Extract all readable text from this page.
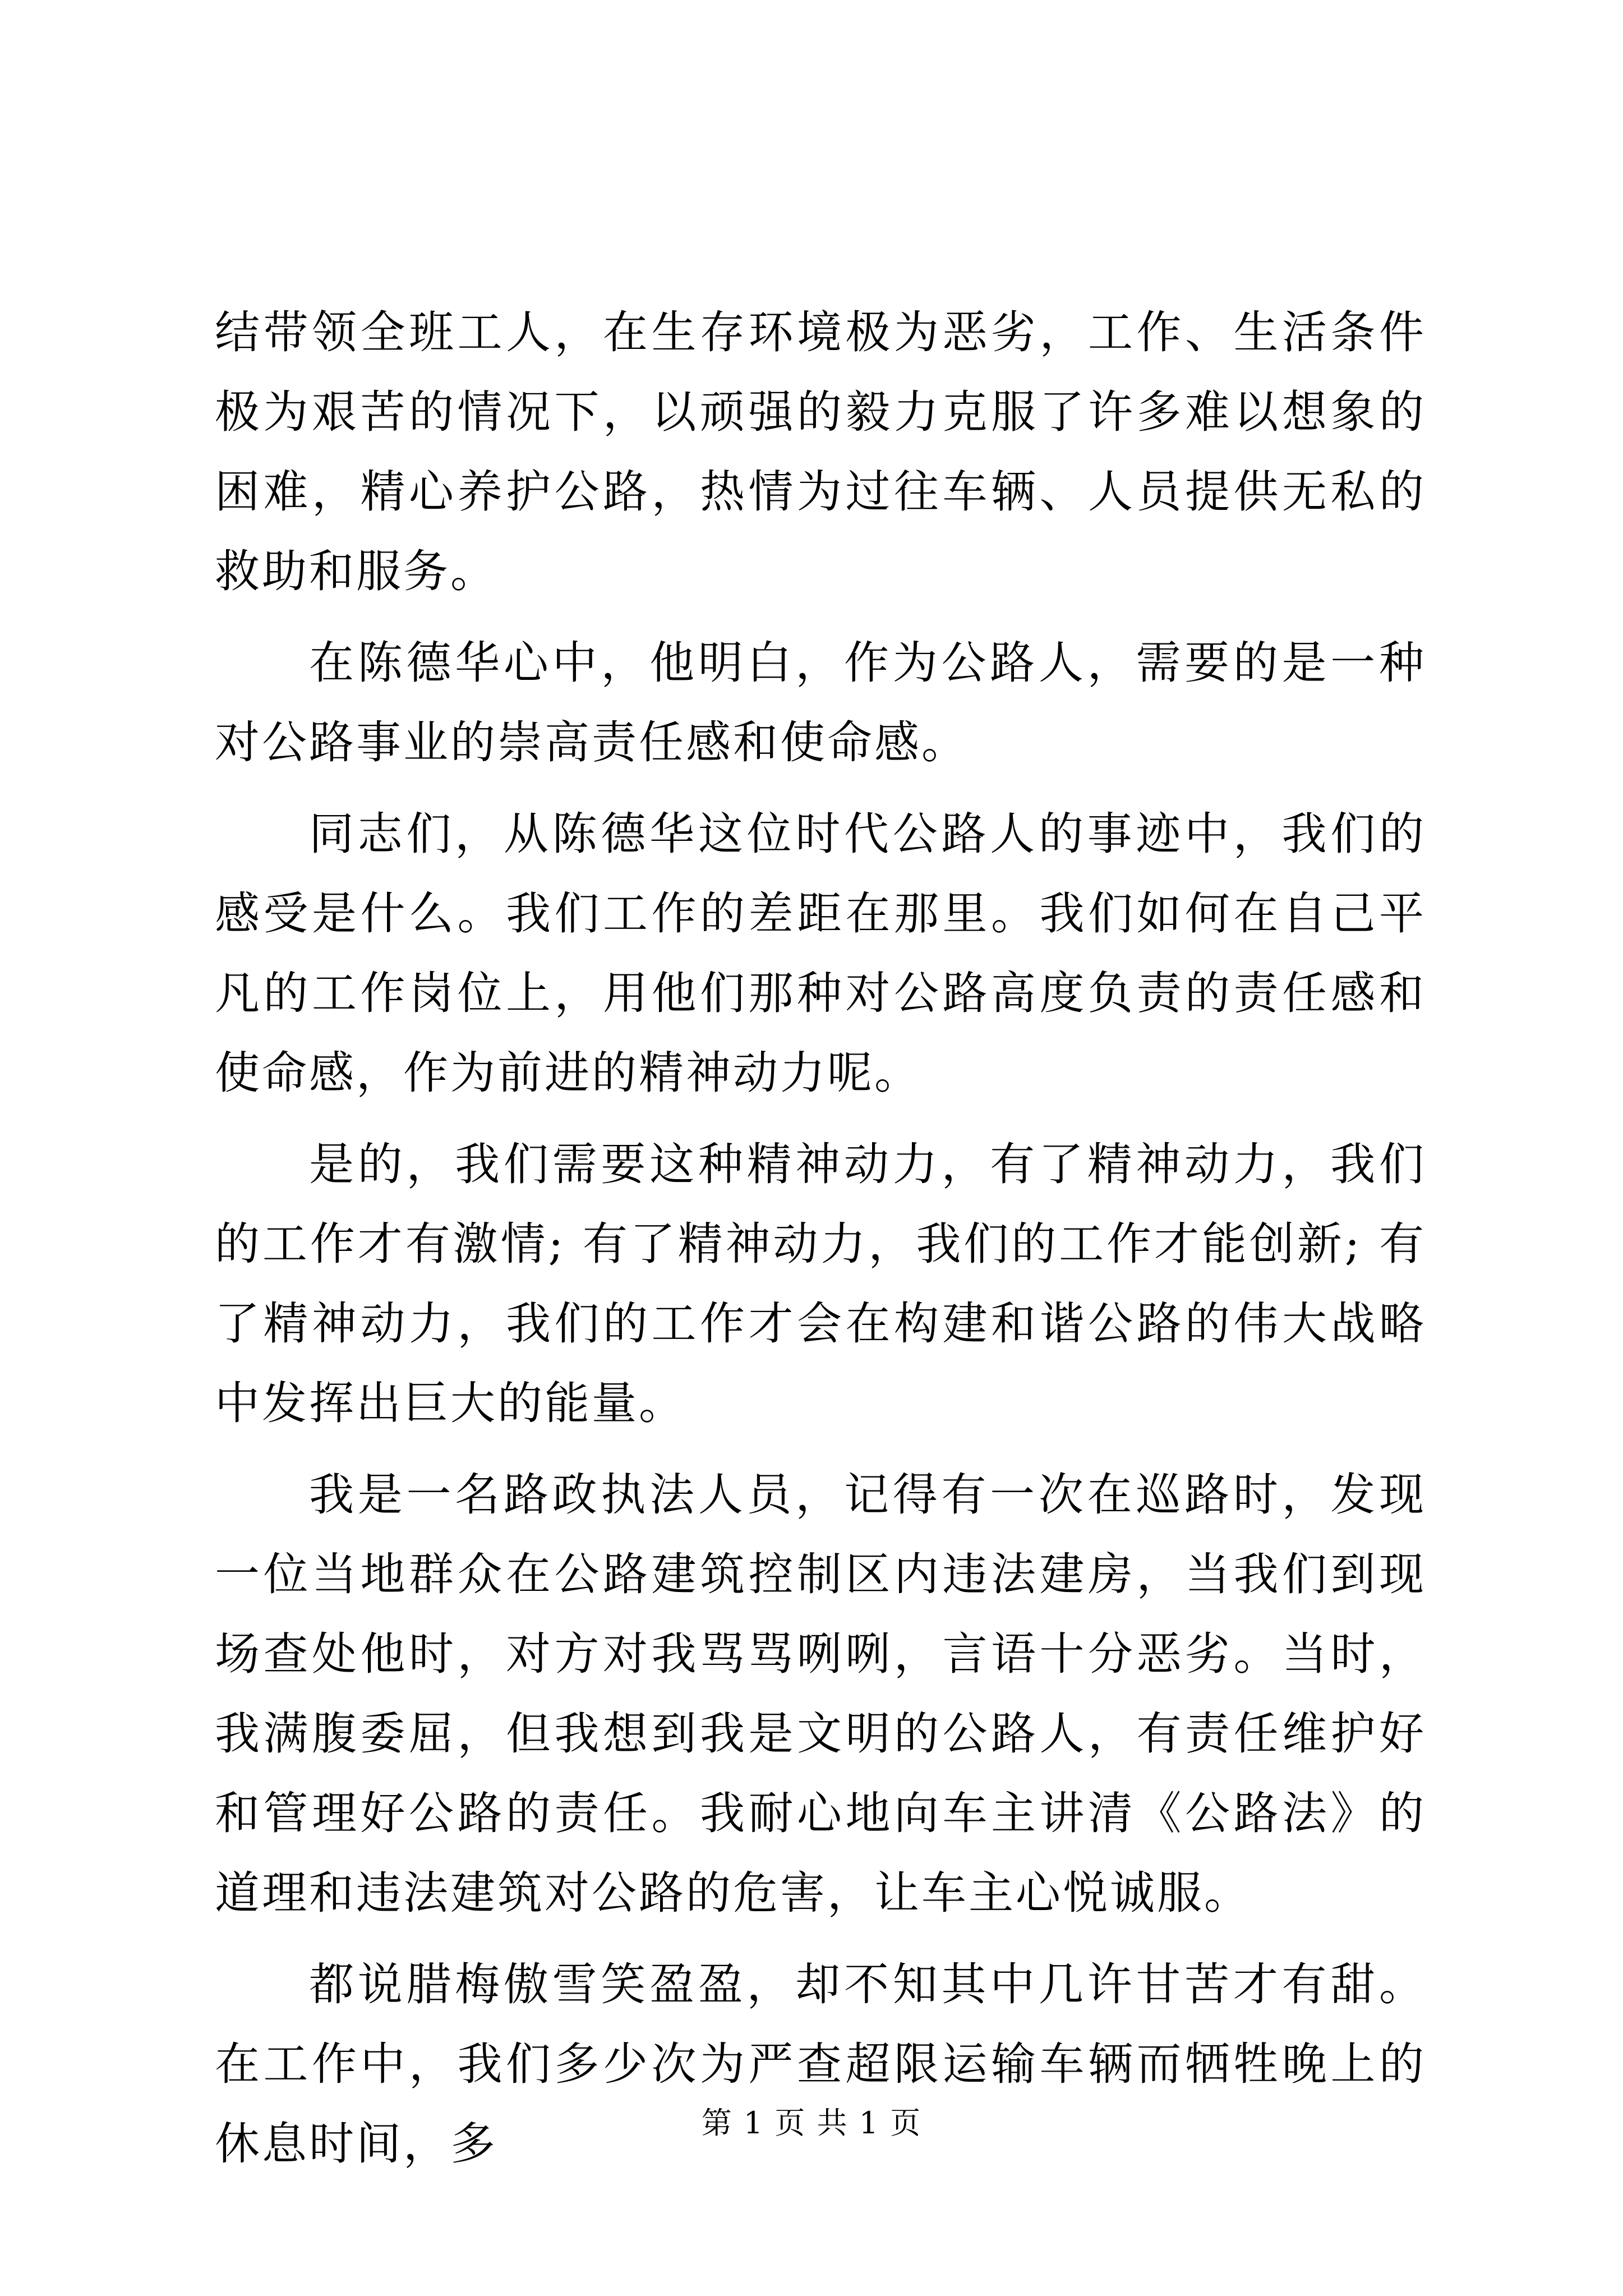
结带领全班工人，在生存环境极为恶劣，工作、生活条件极为艰苦的情况下，以顽强的毅力克服了许多难以想象的困难，精心养护公路，热情为过往车辆、人员提供无私的救助和服务。

在陈德华心中，他明白，作为公路人，需要的是一种对公路事业的崇高责任感和使命感。

同志们，从陈德华这位时代公路人的事迹中，我们的感受是什么。我们工作的差距在那里。我们如何在自己平凡的工作岗位上，用他们那种对公路高度负责的责任感和使命感，作为前进的精神动力呢。

是的，我们需要这种精神动力，有了精神动力，我们的工作才有激情; 有了精神动力，我们的工作才能创新; 有了精神动力，我们的工作才会在构建和谐公路的伟大战略中发挥出巨大的能量。

我是一名路政执法人员，记得有一次在巡路时，发现一位当地群众在公路建筑控制区内违法建房，当我们到现场查处他时，对方对我骂骂咧咧，言语十分恶劣。当时，我满腹委屈，但我想到我是文明的公路人，有责任维护好和管理好公路的责任。我耐心地向车主讲清《公路法》的道理和违法建筑对公路的危害，让车主心悦诚服。

都说腊梅傲雪笑盈盈，却不知其中几许甘苦才有甜。在工作中，我们多少次为严查超限运输车辆而牺牲晚上的休息时间，多	第 1 页 共 1 页
